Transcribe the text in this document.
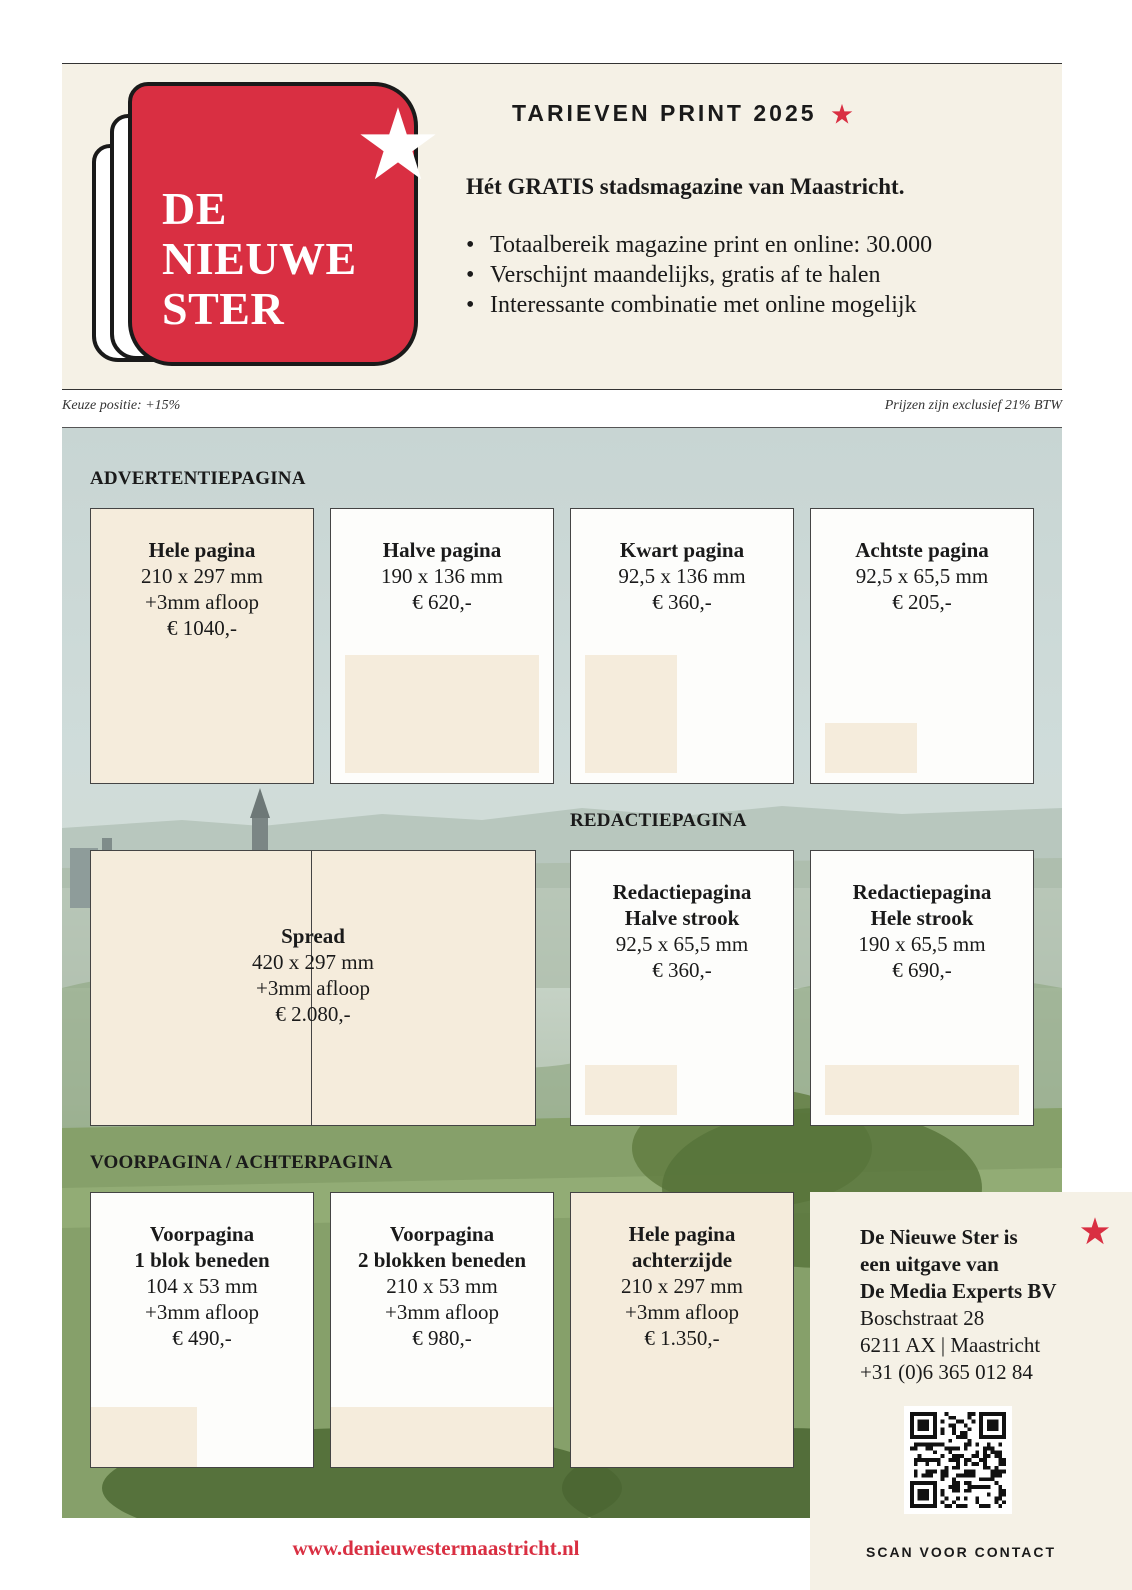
DE
NIEUWE
STER
TARIEVEN PRINT 2025
Hét GRATIS stadsmagazine van Maastricht.
• Totaalbereik magazine print en online: 30.000
• Verschijnt maandelijks, gratis af te halen
• Interessante combinatie met online mogelijk
Keuze positie: +15%	Prijzen zijn exclusief 21% BTW
ADVERTENTIEPAGINA
REDACTIEPAGINA
VOORPAGINA / ACHTERPAGINA
Hele pagina
210 x 297 mm
+3mm afloop
€ 1040,-
Halve pagina
190 x 136 mm
€ 620,-
Kwart pagina
92,5 x 136 mm
€ 360,-
Achtste pagina
92,5 x 65,5 mm
€ 205,-
Spread
420 x 297 mm
+3mm afloop
€ 2.080,-
Redactiepagina
Halve strook
92,5 x 65,5 mm
€ 360,-
Redactiepagina
Hele strook
190 x 65,5 mm
€ 690,-
Voorpagina
1 blok beneden
104 x 53 mm
+3mm afloop
€ 490,-
Voorpagina
2 blokken beneden
210 x 53 mm
+3mm afloop
€ 980,-
Hele pagina
achterzijde
210 x 297 mm
+3mm afloop
€ 1.350,-
De Nieuwe Ster is
een uitgave van
De Media Experts BV
Boschstraat 28
6211 AX | Maastricht
+31 (0)6 365 012 84
SCAN VOOR CONTACT
www.denieuwestermaastricht.nl
